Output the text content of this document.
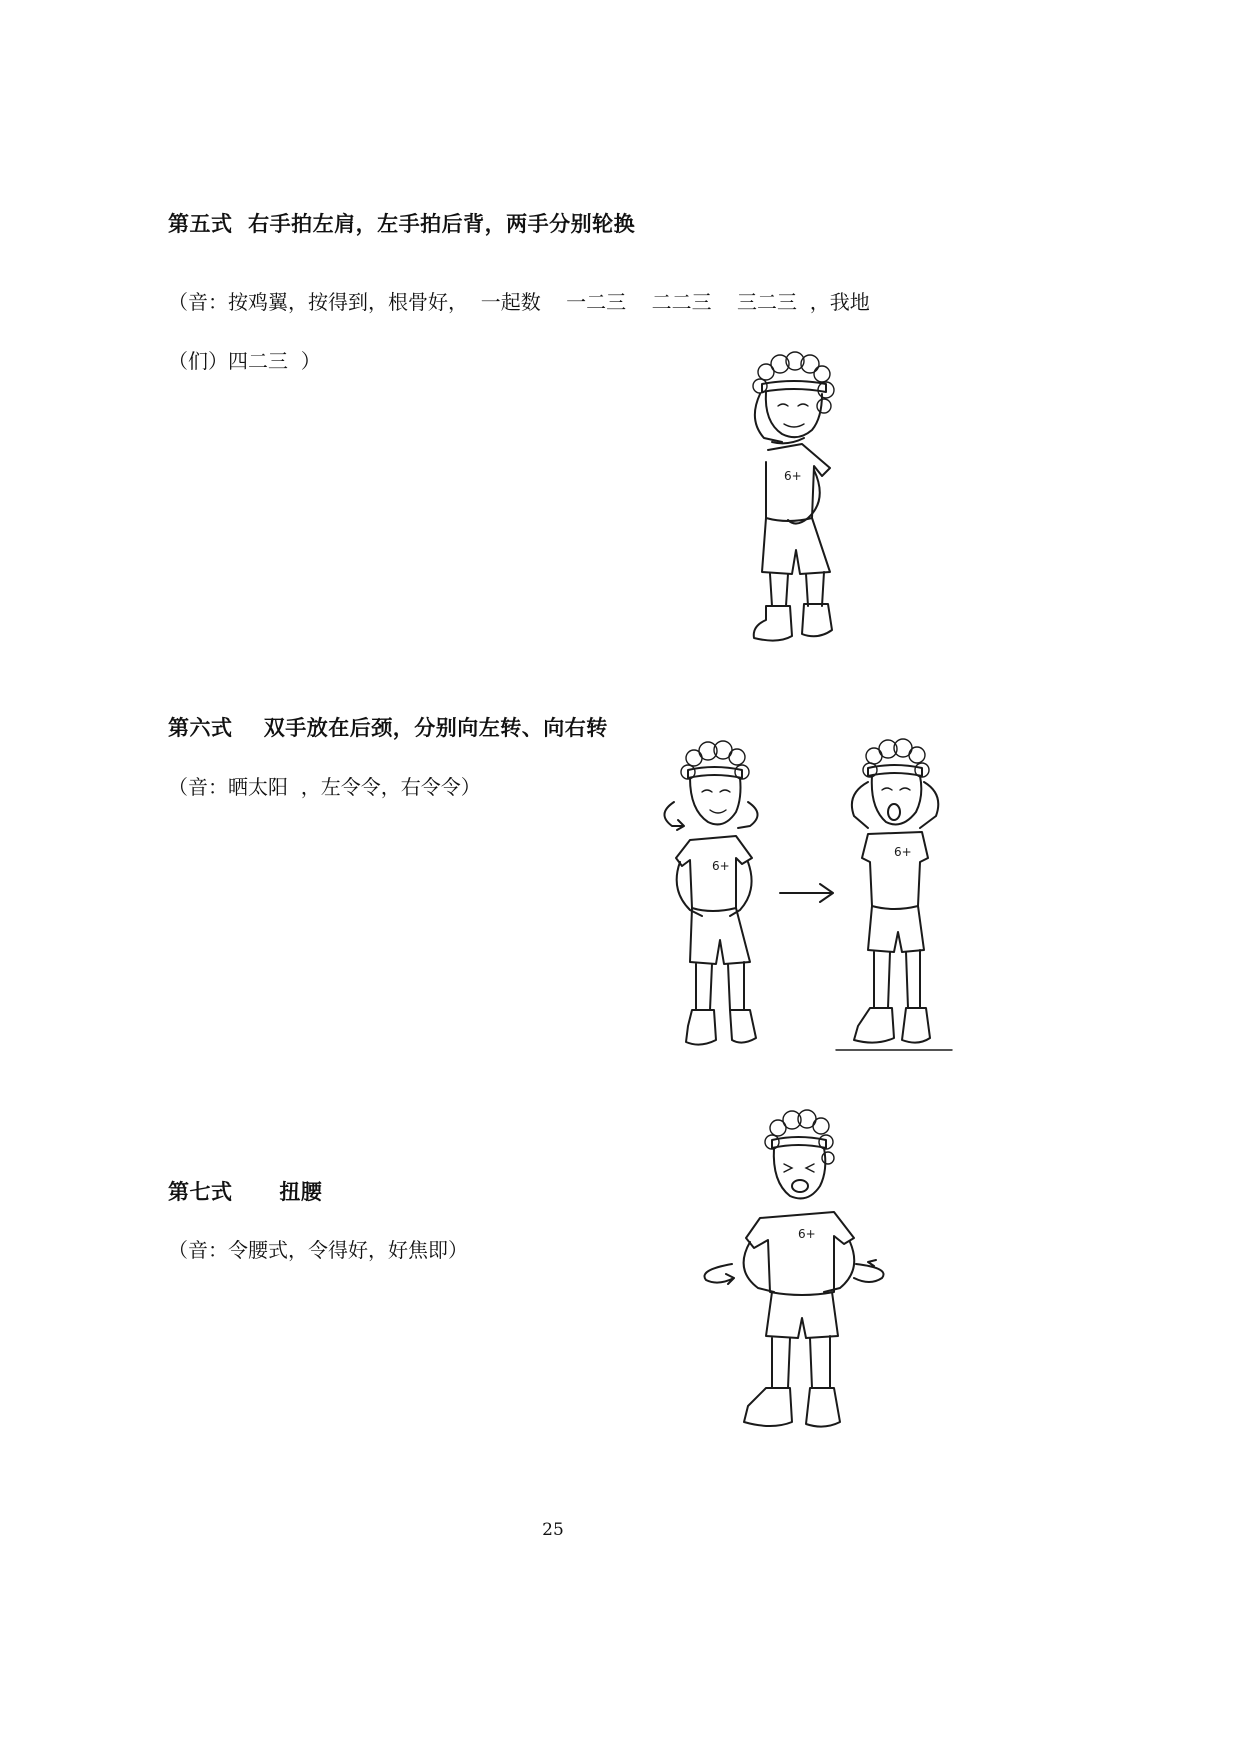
第五式  右手拍左肩，左手拍后背，两手分别轮换
（音：按鸡翼，按得到，根骨好，  一起数    一二三    二二三    三二三  ，我地
（们）四二三  ）
6+
第六式    双手放在后颈，分别向左转、向右转
（音：晒太阳  ，左令令，右令令）
6+
6+
第七式      扭腰
（音：令腰式，令得好，好焦即）
6+
25
